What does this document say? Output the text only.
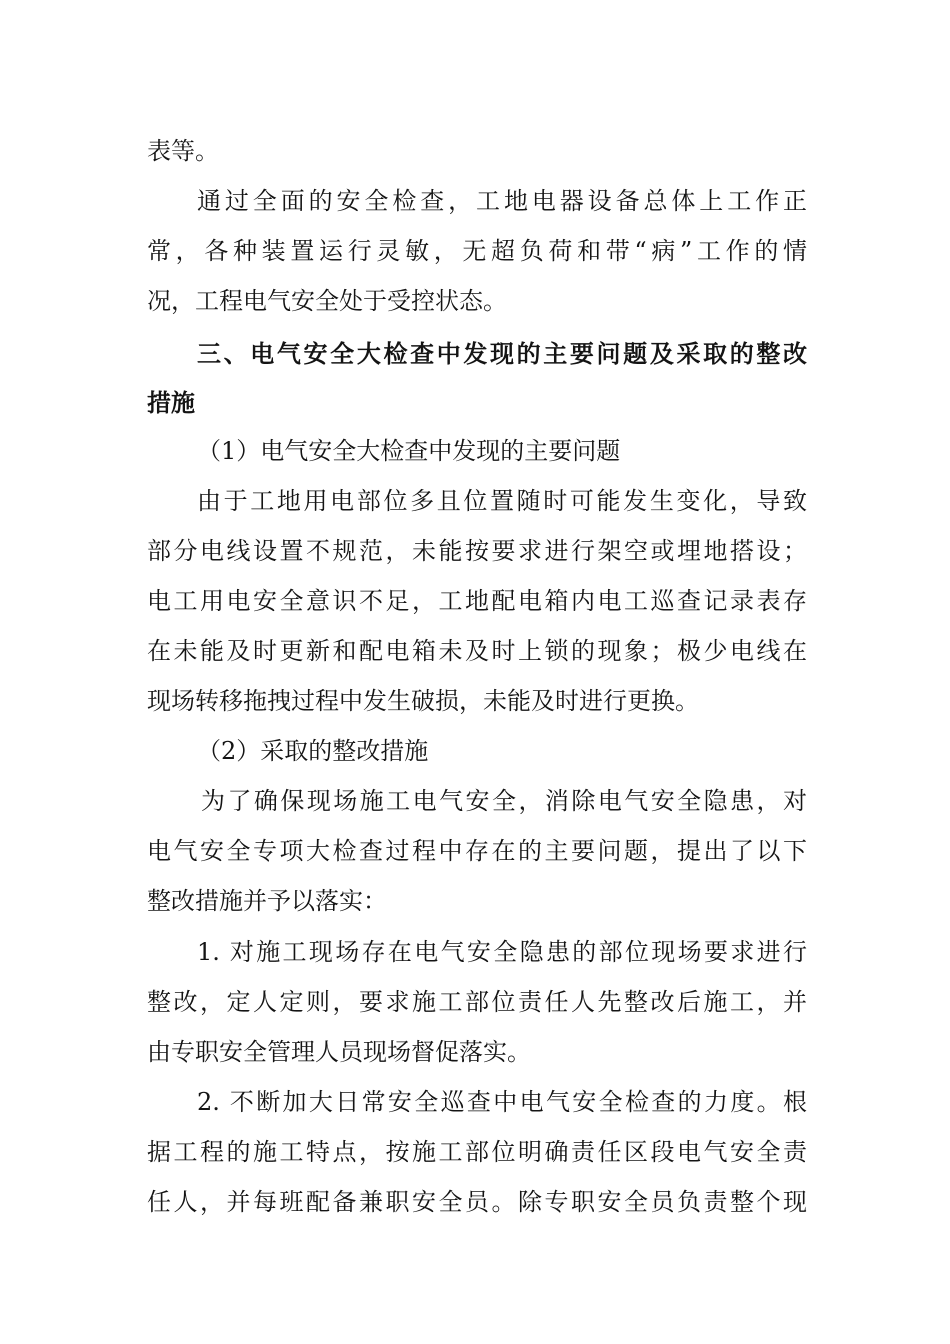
表等。
通过全面的安全检查，工地电器设备总体上工作正
常，各种装置运行灵敏，无超负荷和带“病”工作的情
况，工程电气安全处于受控状态。
三、电气安全大检查中发现的主要问题及采取的整改
措施
（1）电气安全大检查中发现的主要问题
由于工地用电部位多且位置随时可能发生变化，导致
部分电线设置不规范，未能按要求进行架空或埋地搭设；
电工用电安全意识不足，工地配电箱内电工巡查记录表存
在未能及时更新和配电箱未及时上锁的现象；极少电线在
现场转移拖拽过程中发生破损，未能及时进行更换。
（2）采取的整改措施
为了确保现场施工电气安全，消除电气安全隐患，对
电气安全专项大检查过程中存在的主要问题，提出了以下
整改措施并予以落实：
1. 对施工现场存在电气安全隐患的部位现场要求进行
整改，定人定则，要求施工部位责任人先整改后施工，并
由专职安全管理人员现场督促落实。
2. 不断加大日常安全巡查中电气安全检查的力度。根
据工程的施工特点，按施工部位明确责任区段电气安全责
任人，并每班配备兼职安全员。除专职安全员负责整个现
